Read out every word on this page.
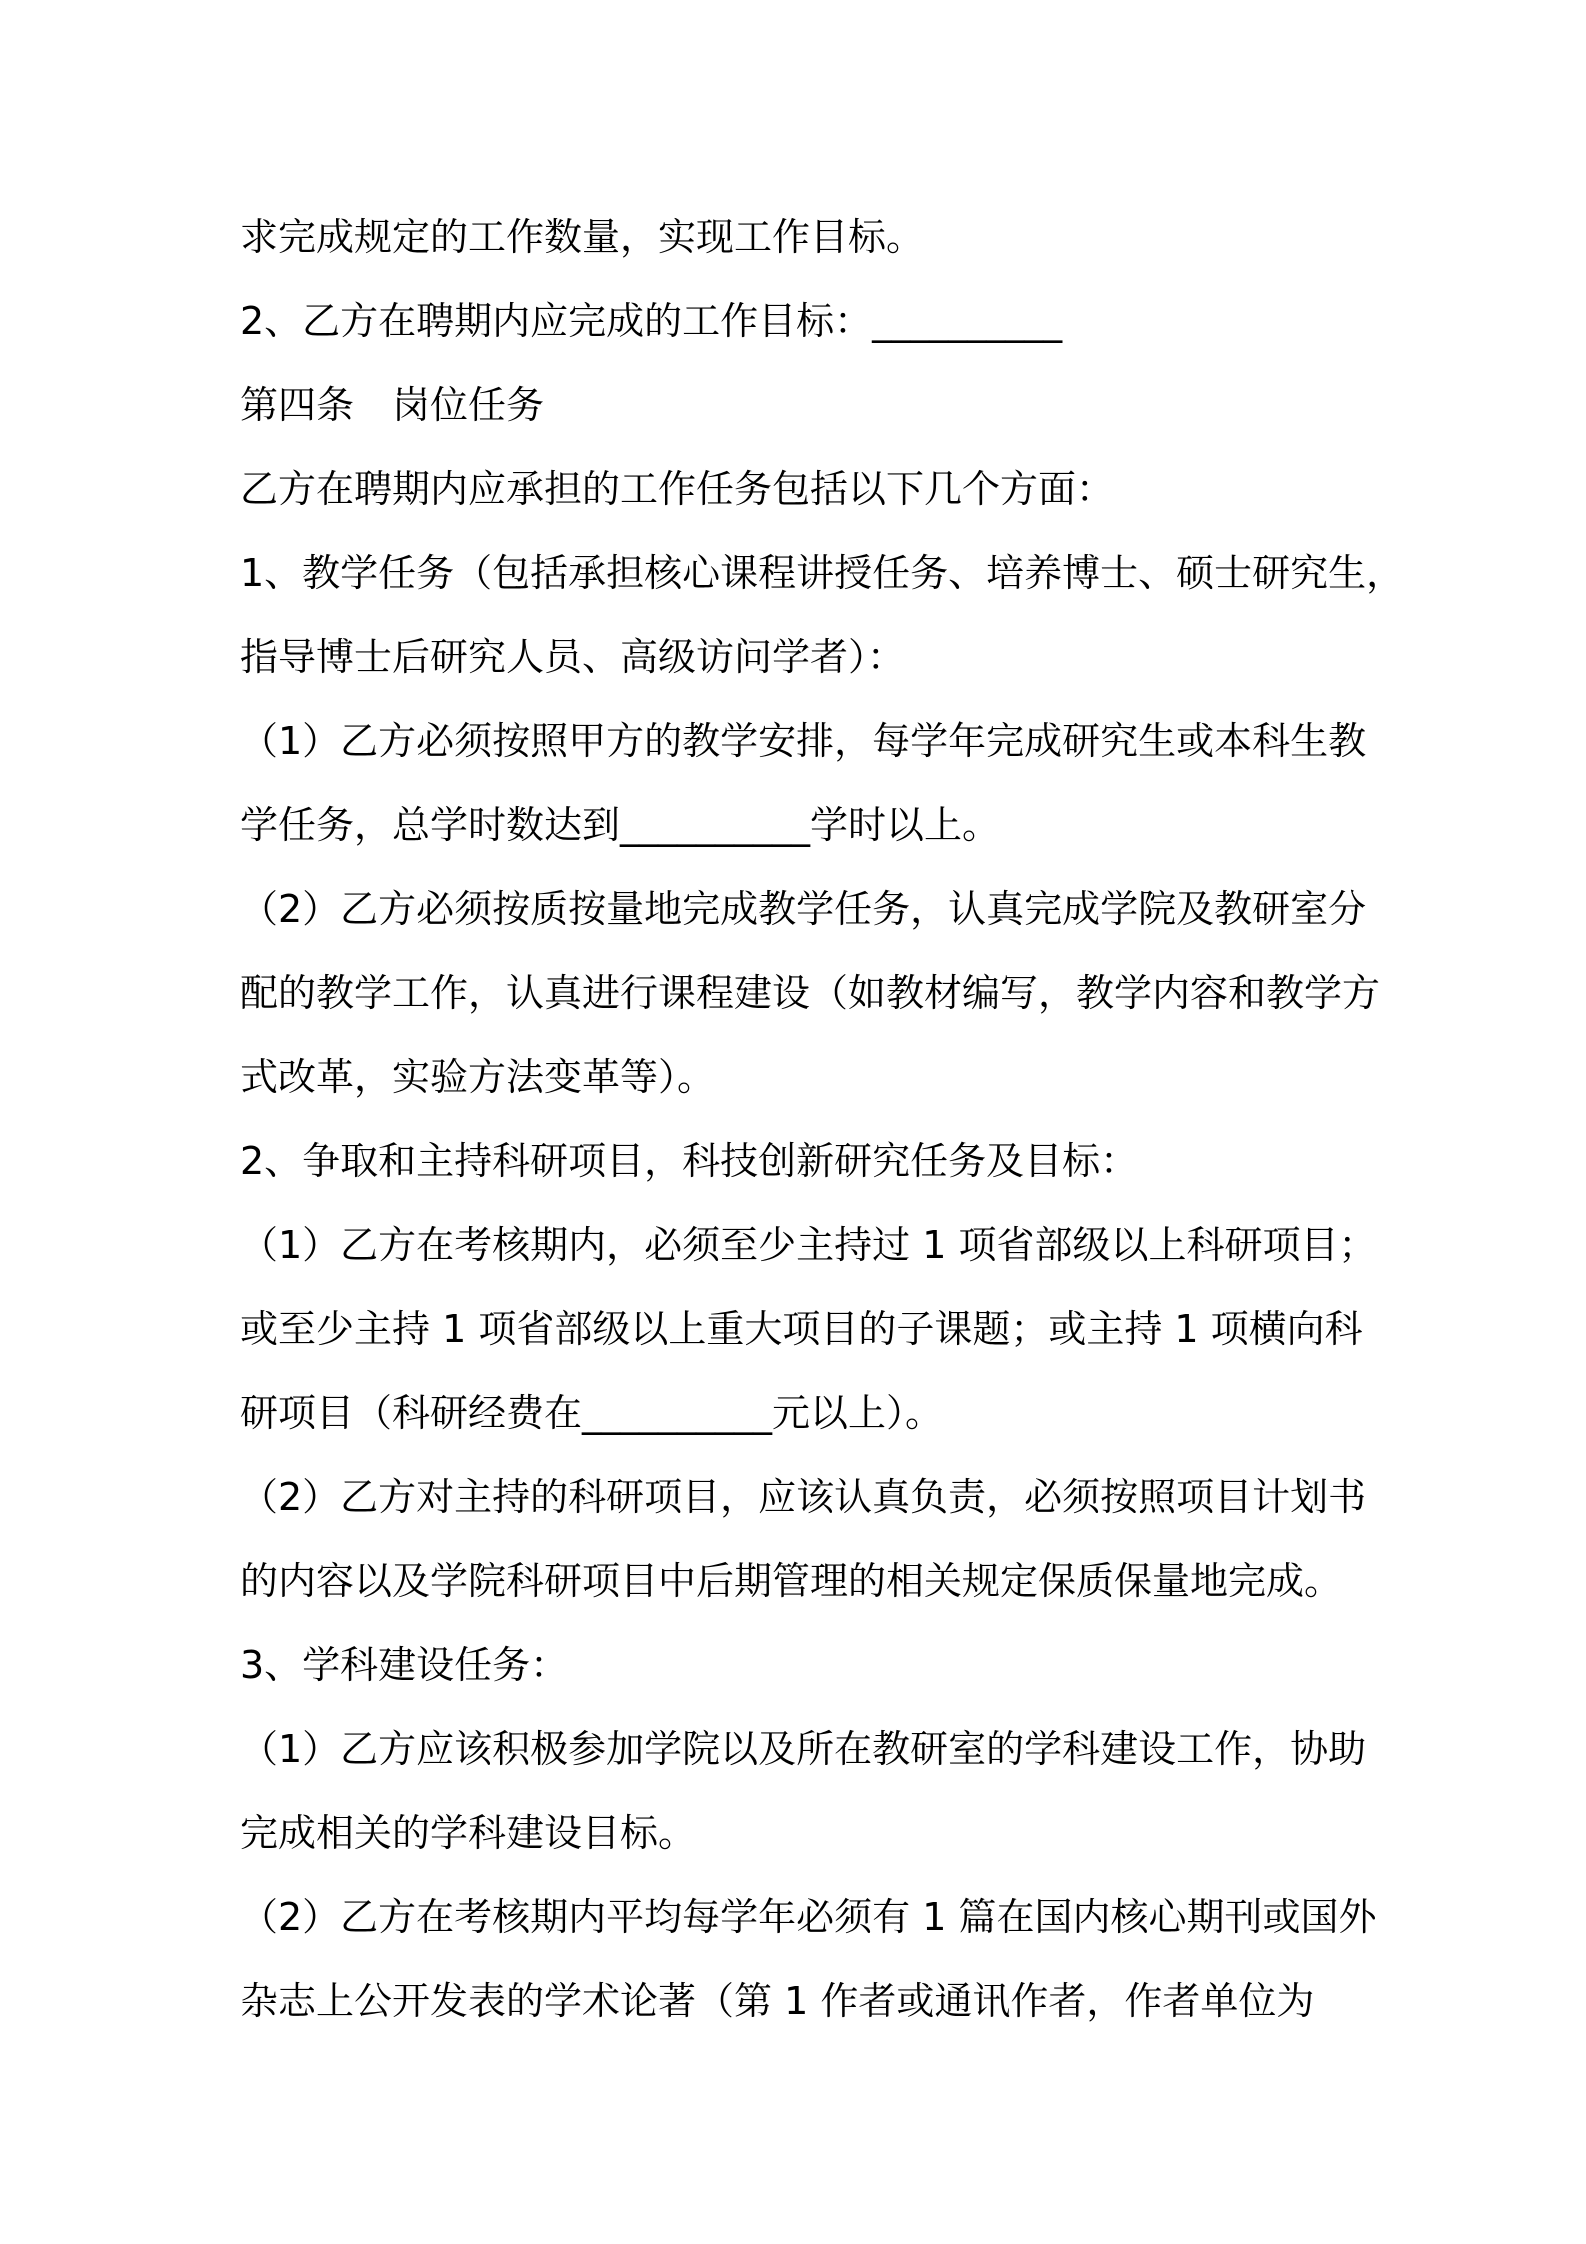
求完成规定的工作数量，实现工作目标。

2、乙方在聘期内应完成的工作目标：__________

第四条　岗位任务

乙方在聘期内应承担的工作任务包括以下几个方面：

1、教学任务（包括承担核心课程讲授任务、培养博士、硕士研究生，

指导博士后研究人员、高级访问学者）：

（1）乙方必须按照甲方的教学安排，每学年完成研究生或本科生教

学任务，总学时数达到__________学时以上。

（2）乙方必须按质按量地完成教学任务，认真完成学院及教研室分

配的教学工作，认真进行课程建设（如教材编写，教学内容和教学方

式改革，实验方法变革等）。

2、争取和主持科研项目，科技创新研究任务及目标：

（1）乙方在考核期内，必须至少主持过 1 项省部级以上科研项目；

或至少主持 1 项省部级以上重大项目的子课题；或主持 1 项横向科

研项目（科研经费在__________元以上）。

（2）乙方对主持的科研项目，应该认真负责，必须按照项目计划书

的内容以及学院科研项目中后期管理的相关规定保质保量地完成。

3、学科建设任务：

（1）乙方应该积极参加学院以及所在教研室的学科建设工作，协助

完成相关的学科建设目标。

（2）乙方在考核期内平均每学年必须有 1 篇在国内核心期刊或国外

杂志上公开发表的学术论著（第 1 作者或通讯作者，作者单位为
